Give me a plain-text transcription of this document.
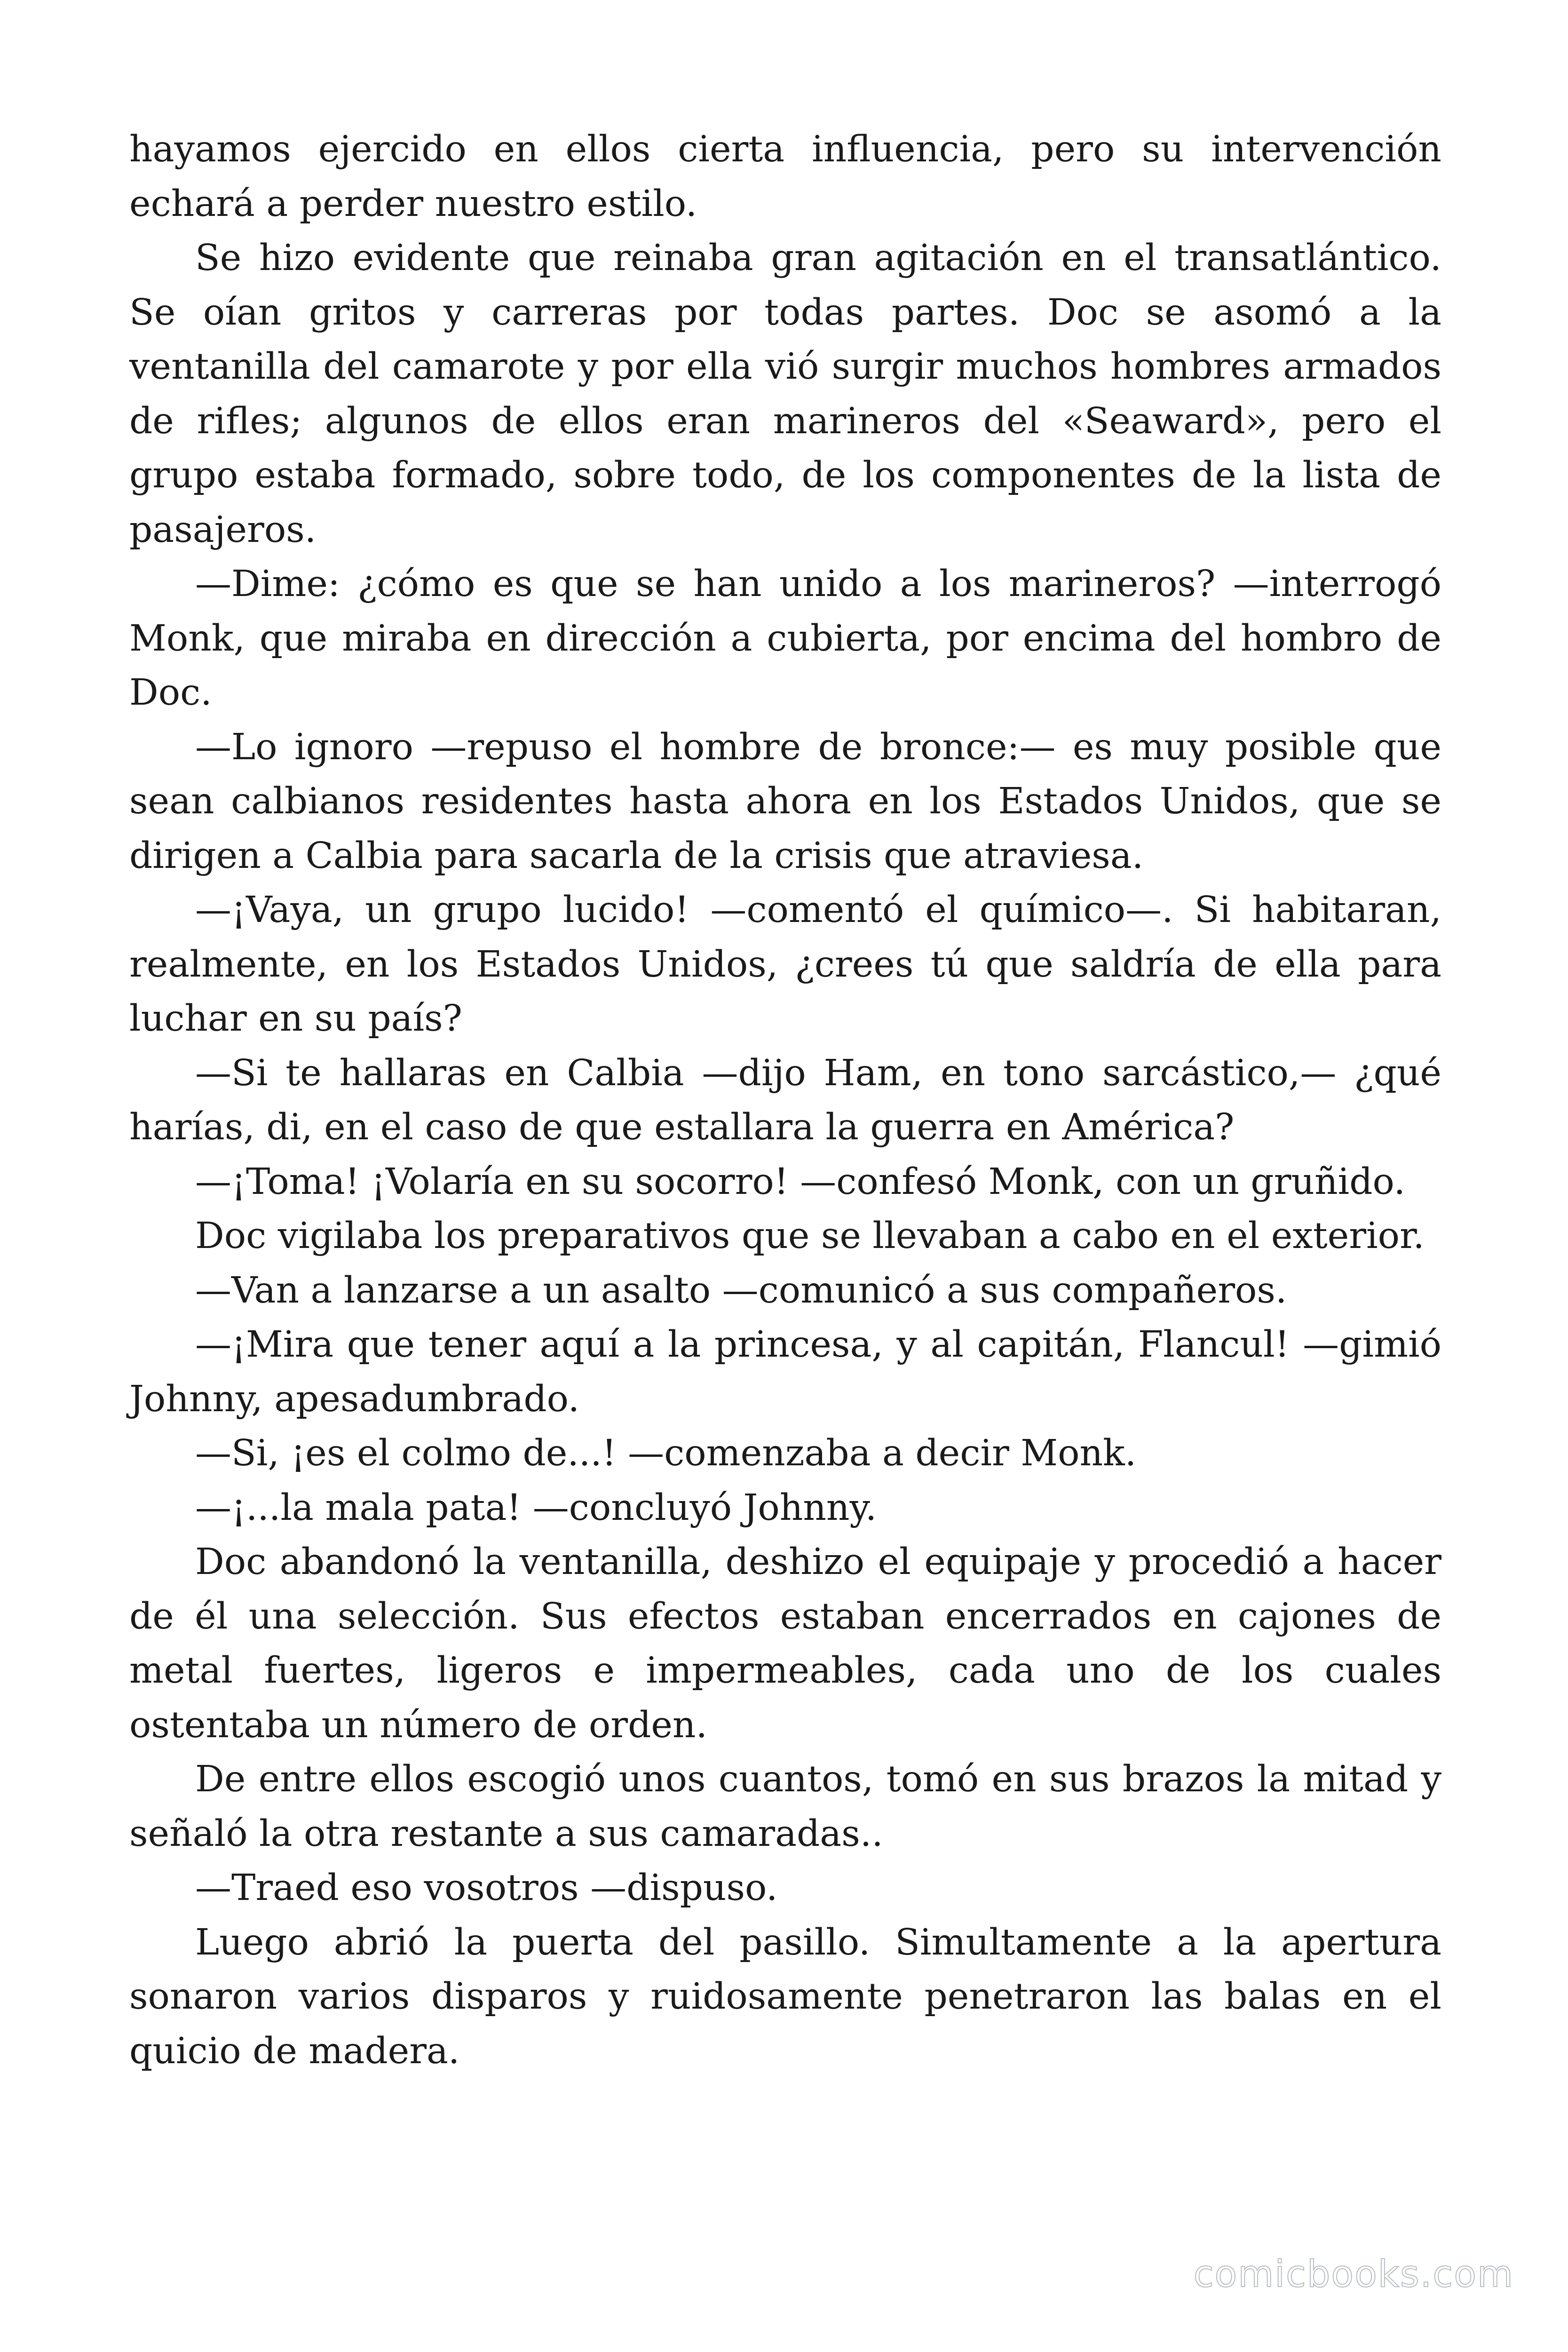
hayamos ejercido en ellos cierta influencia, pero su intervención echará a perder nuestro estilo.

Se hizo evidente que reinaba gran agitación en el transatlántico. Se oían gritos y carreras por todas partes. Doc se asomó a la ventanilla del camarote y por ella vió surgir muchos hombres armados de rifles; algunos de ellos eran marineros del «Seaward», pero el grupo estaba formado, sobre todo, de los componentes de la lista de pasajeros.

—Dime: ¿cómo es que se han unido a los marineros? —interrogó Monk, que miraba en dirección a cubierta, por encima del hombro de Doc.

—Lo ignoro —repuso el hombre de bronce:— es muy posible que sean calbianos residentes hasta ahora en los Estados Unidos, que se dirigen a Calbia para sacarla de la crisis que atraviesa.

—¡Vaya, un grupo lucido! —comentó el químico—. Si habitaran, realmente, en los Estados Unidos, ¿crees tú que saldría de ella para luchar en su país?

—Si te hallaras en Calbia —dijo Ham, en tono sarcástico,— ¿qué harías, di, en el caso de que estallara la guerra en América?

—¡Toma! ¡Volaría en su socorro! —confesó Monk, con un gruñido.

Doc vigilaba los preparativos que se llevaban a cabo en el exterior.

—Van a lanzarse a un asalto —comunicó a sus compañeros.

—¡Mira que tener aquí a la princesa, y al capitán, Flancul! —gimió Johnny, apesadumbrado.

—Si, ¡es el colmo de...! —comenzaba a decir Monk.

—¡...la mala pata! —concluyó Johnny.

Doc abandonó la ventanilla, deshizo el equipaje y procedió a hacer de él una selección. Sus efectos estaban encerrados en cajones de metal fuertes, ligeros e impermeables, cada uno de los cuales ostentaba un número de orden.

De entre ellos escogió unos cuantos, tomó en sus brazos la mitad y señaló la otra restante a sus camaradas..

—Traed eso vosotros —dispuso.

Luego abrió la puerta del pasillo. Simultamente a la apertura sonaron varios disparos y ruidosamente penetraron las balas en el quicio de madera.

comicbooks.com
